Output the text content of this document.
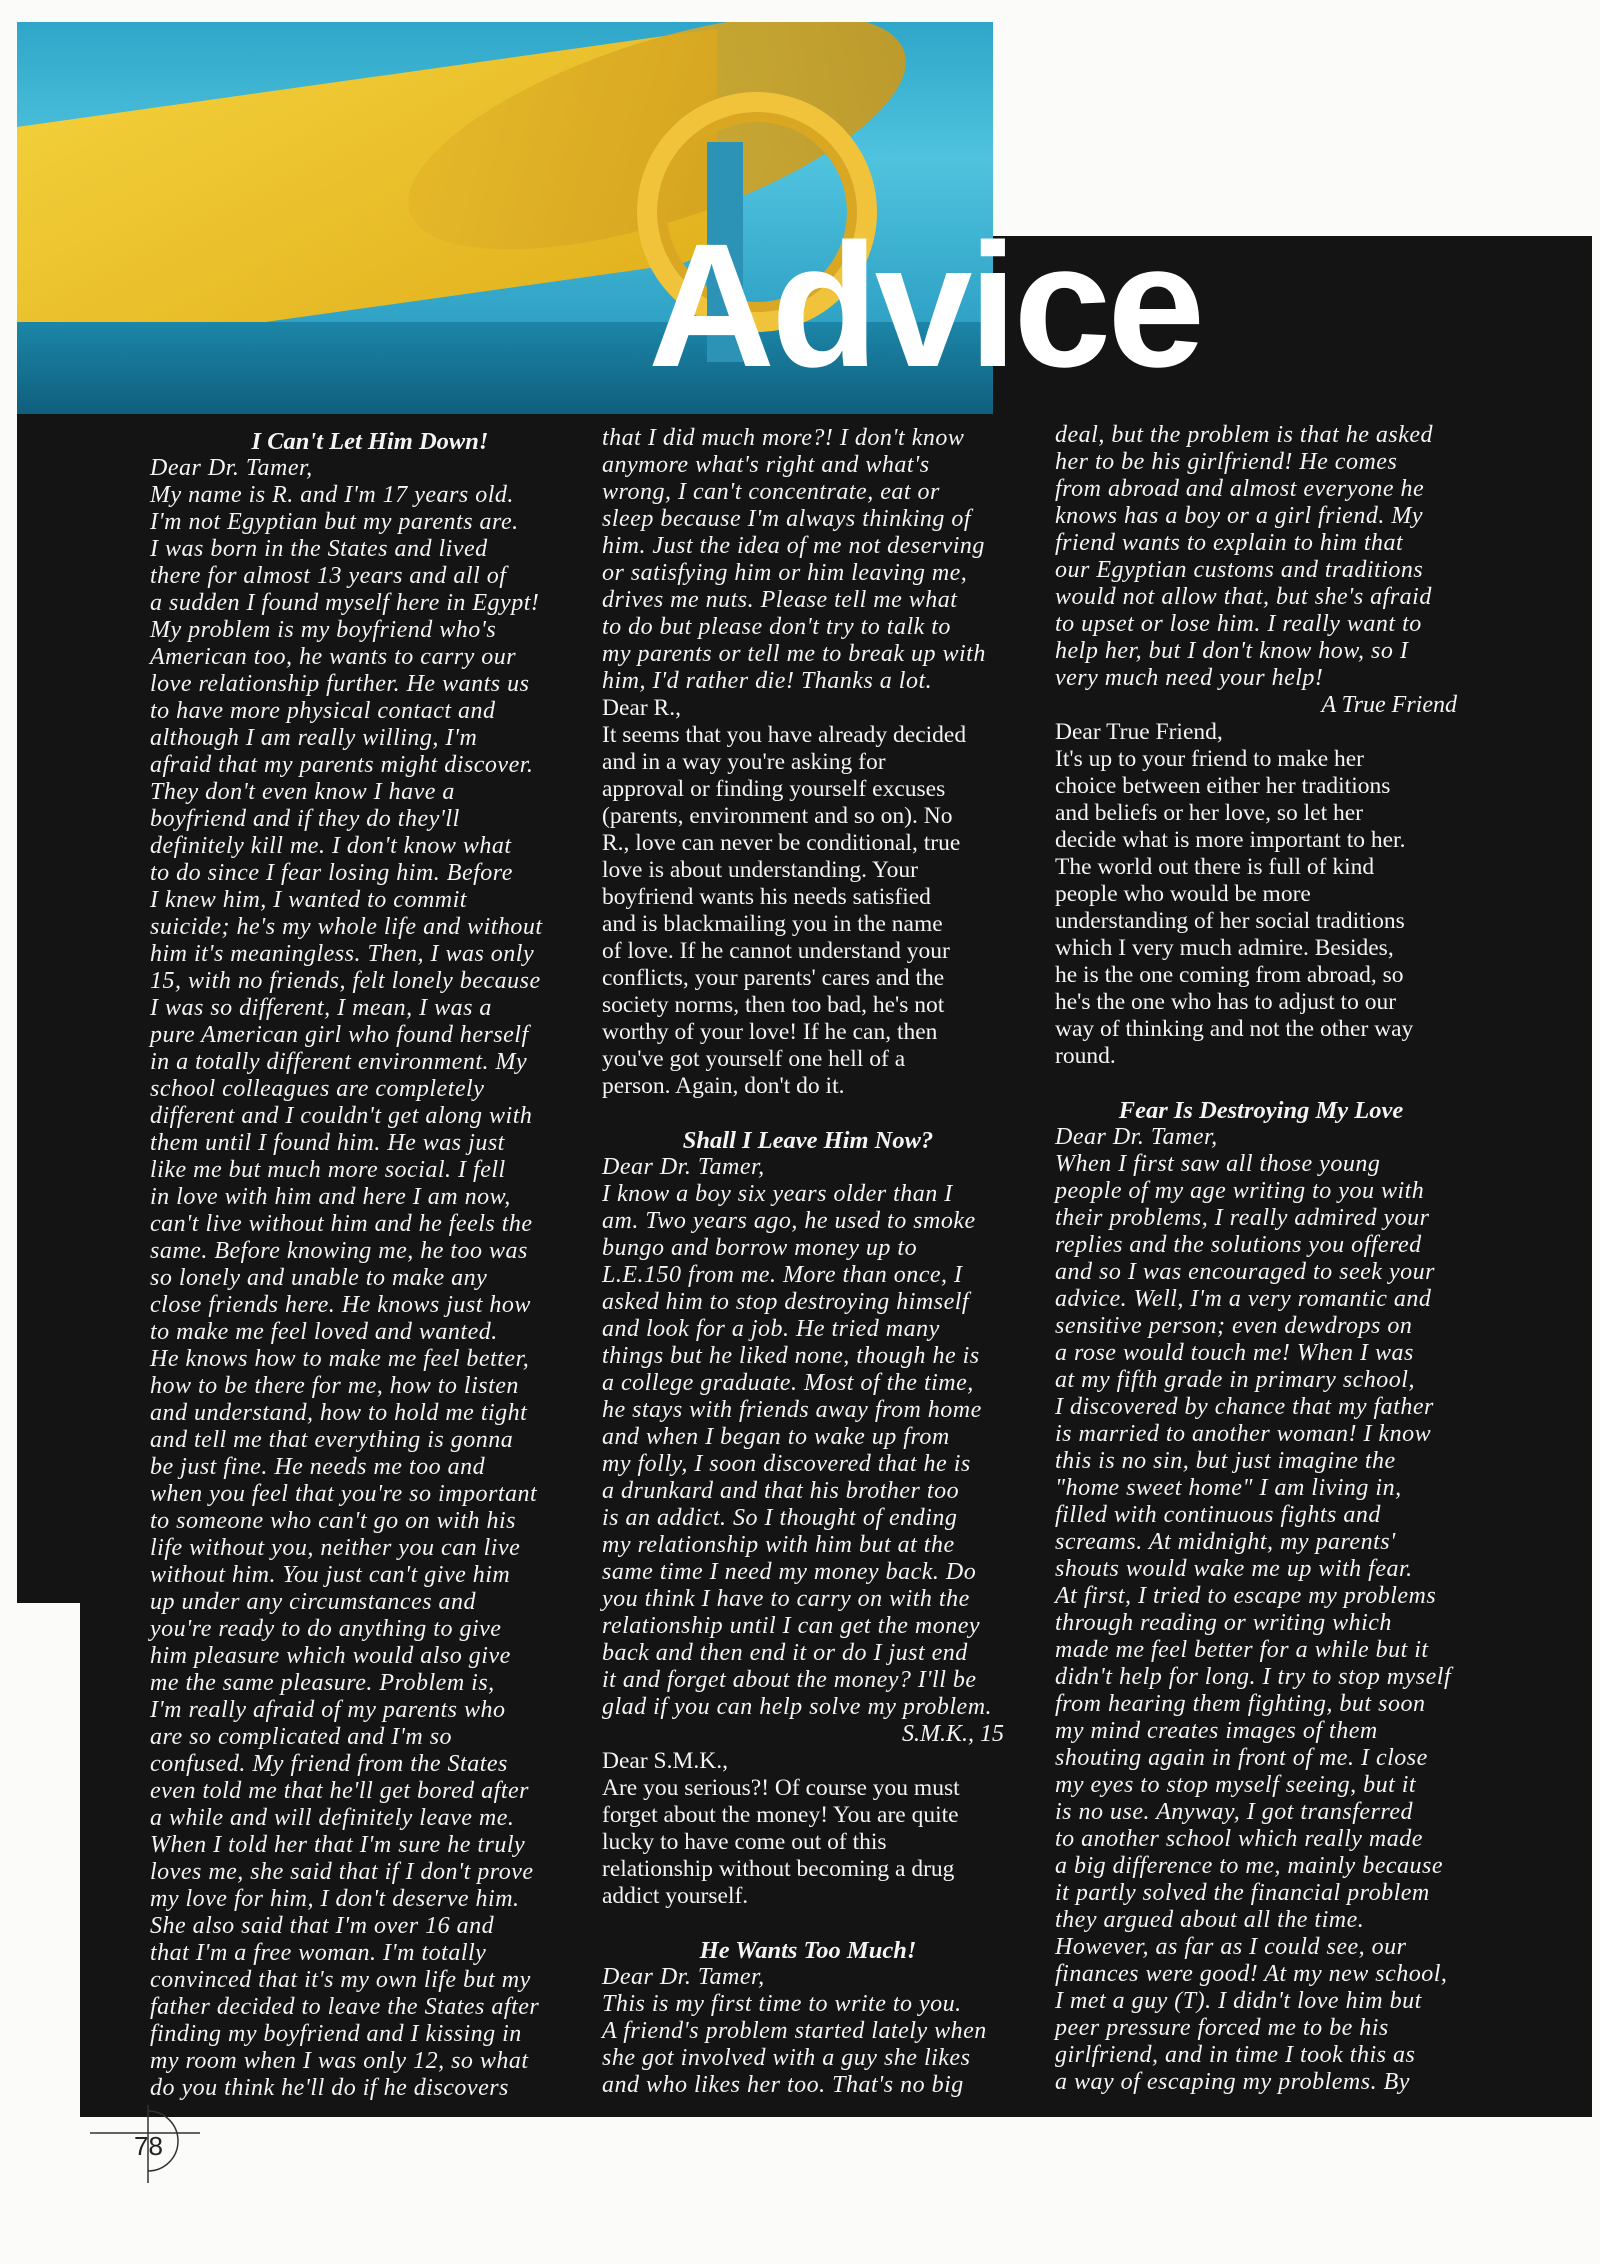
Advice
I Can't Let Him Down!
Dear Dr. Tamer,
My name is R. and I'm 17 years old.
I'm not Egyptian but my parents are.
I was born in the States and lived
there for almost 13 years and all of
a sudden I found myself here in Egypt!
My problem is my boyfriend who's
American too, he wants to carry our
love relationship further. He wants us
to have more physical contact and
although I am really willing, I'm
afraid that my parents might discover.
They don't even know I have a
boyfriend and if they do they'll
definitely kill me. I don't know what
to do since I fear losing him. Before
I knew him, I wanted to commit
suicide; he's my whole life and without
him it's meaningless. Then, I was only
15, with no friends, felt lonely because
I was so different, I mean, I was a
pure American girl who found herself
in a totally different environment. My
school colleagues are completely
different and I couldn't get along with
them until I found him. He was just
like me but much more social. I fell
in love with him and here I am now,
can't live without him and he feels the
same. Before knowing me, he too was
so lonely and unable to make any
close friends here. He knows just how
to make me feel loved and wanted.
He knows how to make me feel better,
how to be there for me, how to listen
and understand, how to hold me tight
and tell me that everything is gonna
be just fine. He needs me too and
when you feel that you're so important
to someone who can't go on with his
life without you, neither you can live
without him. You just can't give him
up under any circumstances and
you're ready to do anything to give
him pleasure which would also give
me the same pleasure. Problem is,
I'm really afraid of my parents who
are so complicated and I'm so
confused. My friend from the States
even told me that he'll get bored after
a while and will definitely leave me.
When I told her that I'm sure he truly
loves me, she said that if I don't prove
my love for him, I don't deserve him.
She also said that I'm over 16 and
that I'm a free woman. I'm totally
convinced that it's my own life but my
father decided to leave the States after
finding my boyfriend and I kissing in
my room when I was only 12, so what
do you think he'll do if he discovers
that I did much more?! I don't know
anymore what's right and what's
wrong, I can't concentrate, eat or
sleep because I'm always thinking of
him. Just the idea of me not deserving
or satisfying him or him leaving me,
drives me nuts. Please tell me what
to do but please don't try to talk to
my parents or tell me to break up with
him, I'd rather die! Thanks a lot.
Dear R.,
It seems that you have already decided
and in a way you're asking for
approval or finding yourself excuses
(parents, environment and so on). No
R., love can never be conditional, true
love is about understanding. Your
boyfriend wants his needs satisfied
and is blackmailing you in the name
of love. If he cannot understand your
conflicts, your parents' cares and the
society norms, then too bad, he's not
worthy of your love! If he can, then
you've got yourself one hell of a
person. Again, don't do it.
Shall I Leave Him Now?
Dear Dr. Tamer,
I know a boy six years older than I
am. Two years ago, he used to smoke
bungo and borrow money up to
L.E.150 from me. More than once, I
asked him to stop destroying himself
and look for a job. He tried many
things but he liked none, though he is
a college graduate. Most of the time,
he stays with friends away from home
and when I began to wake up from
my folly, I soon discovered that he is
a drunkard and that his brother too
is an addict. So I thought of ending
my relationship with him but at the
same time I need my money back. Do
you think I have to carry on with the
relationship until I can get the money
back and then end it or do I just end
it and forget about the money? I'll be
glad if you can help solve my problem.
S.M.K., 15
Dear S.M.K.,
Are you serious?! Of course you must
forget about the money! You are quite
lucky to have come out of this
relationship without becoming a drug
addict yourself.
He Wants Too Much!
Dear Dr. Tamer,
This is my first time to write to you.
A friend's problem started lately when
she got involved with a guy she likes
and who likes her too. That's no big
deal, but the problem is that he asked
her to be his girlfriend! He comes
from abroad and almost everyone he
knows has a boy or a girl friend. My
friend wants to explain to him that
our Egyptian customs and traditions
would not allow that, but she's afraid
to upset or lose him. I really want to
help her, but I don't know how, so I
very much need your help!
A True Friend
Dear True Friend,
It's up to your friend to make her
choice between either her traditions
and beliefs or her love, so let her
decide what is more important to her.
The world out there is full of kind
people who would be more
understanding of her social traditions
which I very much admire. Besides,
he is the one coming from abroad, so
he's the one who has to adjust to our
way of thinking and not the other way
round.
Fear Is Destroying My Love
Dear Dr. Tamer,
When I first saw all those young
people of my age writing to you with
their problems, I really admired your
replies and the solutions you offered
and so I was encouraged to seek your
advice. Well, I'm a very romantic and
sensitive person; even dewdrops on
a rose would touch me! When I was
at my fifth grade in primary school,
I discovered by chance that my father
is married to another woman! I know
this is no sin, but just imagine the
"home sweet home" I am living in,
filled with continuous fights and
screams. At midnight, my parents'
shouts would wake me up with fear.
At first, I tried to escape my problems
through reading or writing which
made me feel better for a while but it
didn't help for long. I try to stop myself
from hearing them fighting, but soon
my mind creates images of them
shouting again in front of me. I close
my eyes to stop myself seeing, but it
is no use. Anyway, I got transferred
to another school which really made
a big difference to me, mainly because
it partly solved the financial problem
they argued about all the time.
However, as far as I could see, our
finances were good! At my new school,
I met a guy (T). I didn't love him but
peer pressure forced me to be his
girlfriend, and in time I took this as
a way of escaping my problems. By
78
